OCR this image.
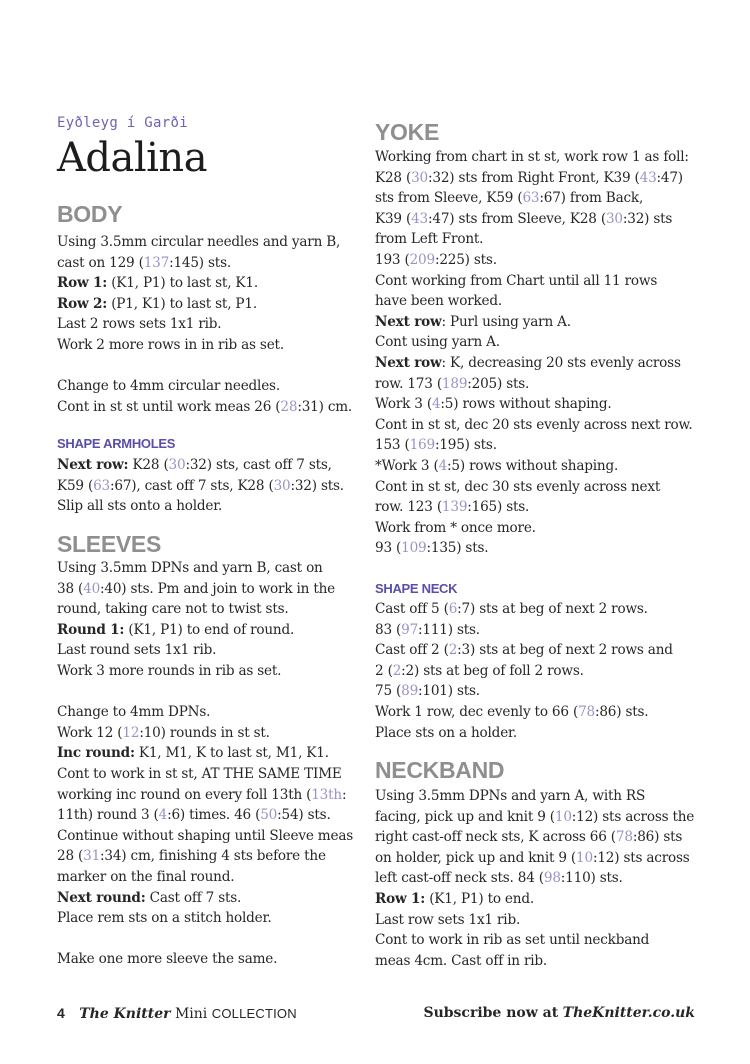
Eyðleyg í Garði
Adalina
BODY
Using 3.5mm circular needles and yarn B,
cast on 129 (137:145) sts.
Row 1: (K1, P1) to last st, K1.
Row 2: (P1, K1) to last st, P1.
Last 2 rows sets 1x1 rib.
Work 2 more rows in in rib as set.
Change to 4mm circular needles.
Cont in st st until work meas 26 (28:31) cm.
SHAPE ARMHOLES
Next row: K28 (30:32) sts, cast off 7 sts,
K59 (63:67), cast off 7 sts, K28 (30:32) sts.
Slip all sts onto a holder.
SLEEVES
Using 3.5mm DPNs and yarn B, cast on
38 (40:40) sts. Pm and join to work in the
round, taking care not to twist sts.
Round 1: (K1, P1) to end of round.
Last round sets 1x1 rib.
Work 3 more rounds in rib as set.
Change to 4mm DPNs.
Work 12 (12:10) rounds in st st.
Inc round: K1, M1, K to last st, M1, K1.
Cont to work in st st, AT THE SAME TIME
working inc round on every foll 13th (13th:
11th) round 3 (4:6) times. 46 (50:54) sts.
Continue without shaping until Sleeve meas
28 (31:34) cm, finishing 4 sts before the
marker on the final round.
Next round: Cast off 7 sts.
Place rem sts on a stitch holder.
Make one more sleeve the same.
YOKE
Working from chart in st st, work row 1 as foll:
K28 (30:32) sts from Right Front, K39 (43:47)
sts from Sleeve, K59 (63:67) from Back,
K39 (43:47) sts from Sleeve, K28 (30:32) sts
from Left Front.
193 (209:225) sts.
Cont working from Chart until all 11 rows
have been worked.
Next row: Purl using yarn A.
Cont using yarn A.
Next row: K, decreasing 20 sts evenly across
row. 173 (189:205) sts.
Work 3 (4:5) rows without shaping.
Cont in st st, dec 20 sts evenly across next row.
153 (169:195) sts.
*Work 3 (4:5) rows without shaping.
Cont in st st, dec 30 sts evenly across next
row. 123 (139:165) sts.
Work from * once more.
93 (109:135) sts.
SHAPE NECK
Cast off 5 (6:7) sts at beg of next 2 rows.
83 (97:111) sts.
Cast off 2 (2:3) sts at beg of next 2 rows and
2 (2:2) sts at beg of foll 2 rows.
75 (89:101) sts.
Work 1 row, dec evenly to 66 (78:86) sts.
Place sts on a holder.
NECKBAND
Using 3.5mm DPNs and yarn A, with RS
facing, pick up and knit 9 (10:12) sts across the
right cast-off neck sts, K across 66 (78:86) sts
on holder, pick up and knit 9 (10:12) sts across
left cast-off neck sts. 84 (98:110) sts.
Row 1: (K1, P1) to end.
Last row sets 1x1 rib.
Cont to work in rib as set until neckband
meas 4cm. Cast off in rib.
4 The Knitter Mini COLLECTION	Subscribe now at TheKnitter.co.uk
